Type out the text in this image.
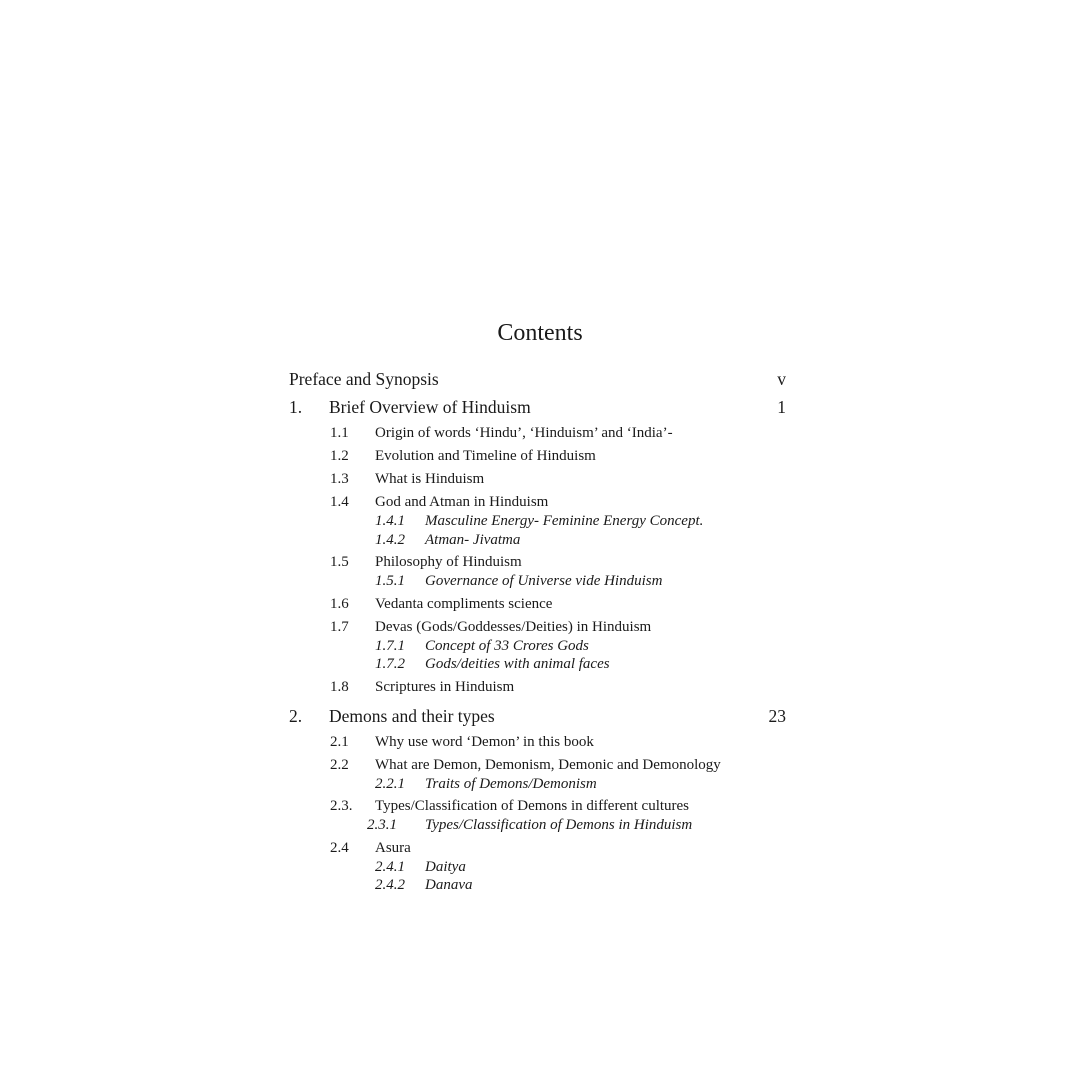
Contents
Preface and Synopsis	v
1. Brief Overview of Hinduism	1
1.1 Origin of words ‘Hindu’, ‘Hinduism’ and ‘India’-
1.2 Evolution and Timeline of Hinduism
1.3 What is Hinduism
1.4 God and Atman in Hinduism
1.4.1 Masculine Energy- Feminine Energy Concept.
1.4.2 Atman- Jivatma
1.5 Philosophy of Hinduism
1.5.1 Governance of Universe vide Hinduism
1.6 Vedanta compliments science
1.7 Devas (Gods/Goddesses/Deities) in Hinduism
1.7.1 Concept of 33 Crores Gods
1.7.2 Gods/deities with animal faces
1.8 Scriptures in Hinduism
2. Demons and their types	23
2.1 Why use word ‘Demon’ in this book
2.2 What are Demon, Demonism, Demonic and Demonology
2.2.1 Traits of Demons/Demonism
2.3. Types/Classification of Demons in different cultures
2.3.1 Types/Classification of Demons in Hinduism
2.4 Asura
2.4.1 Daitya
2.4.2 Danava
